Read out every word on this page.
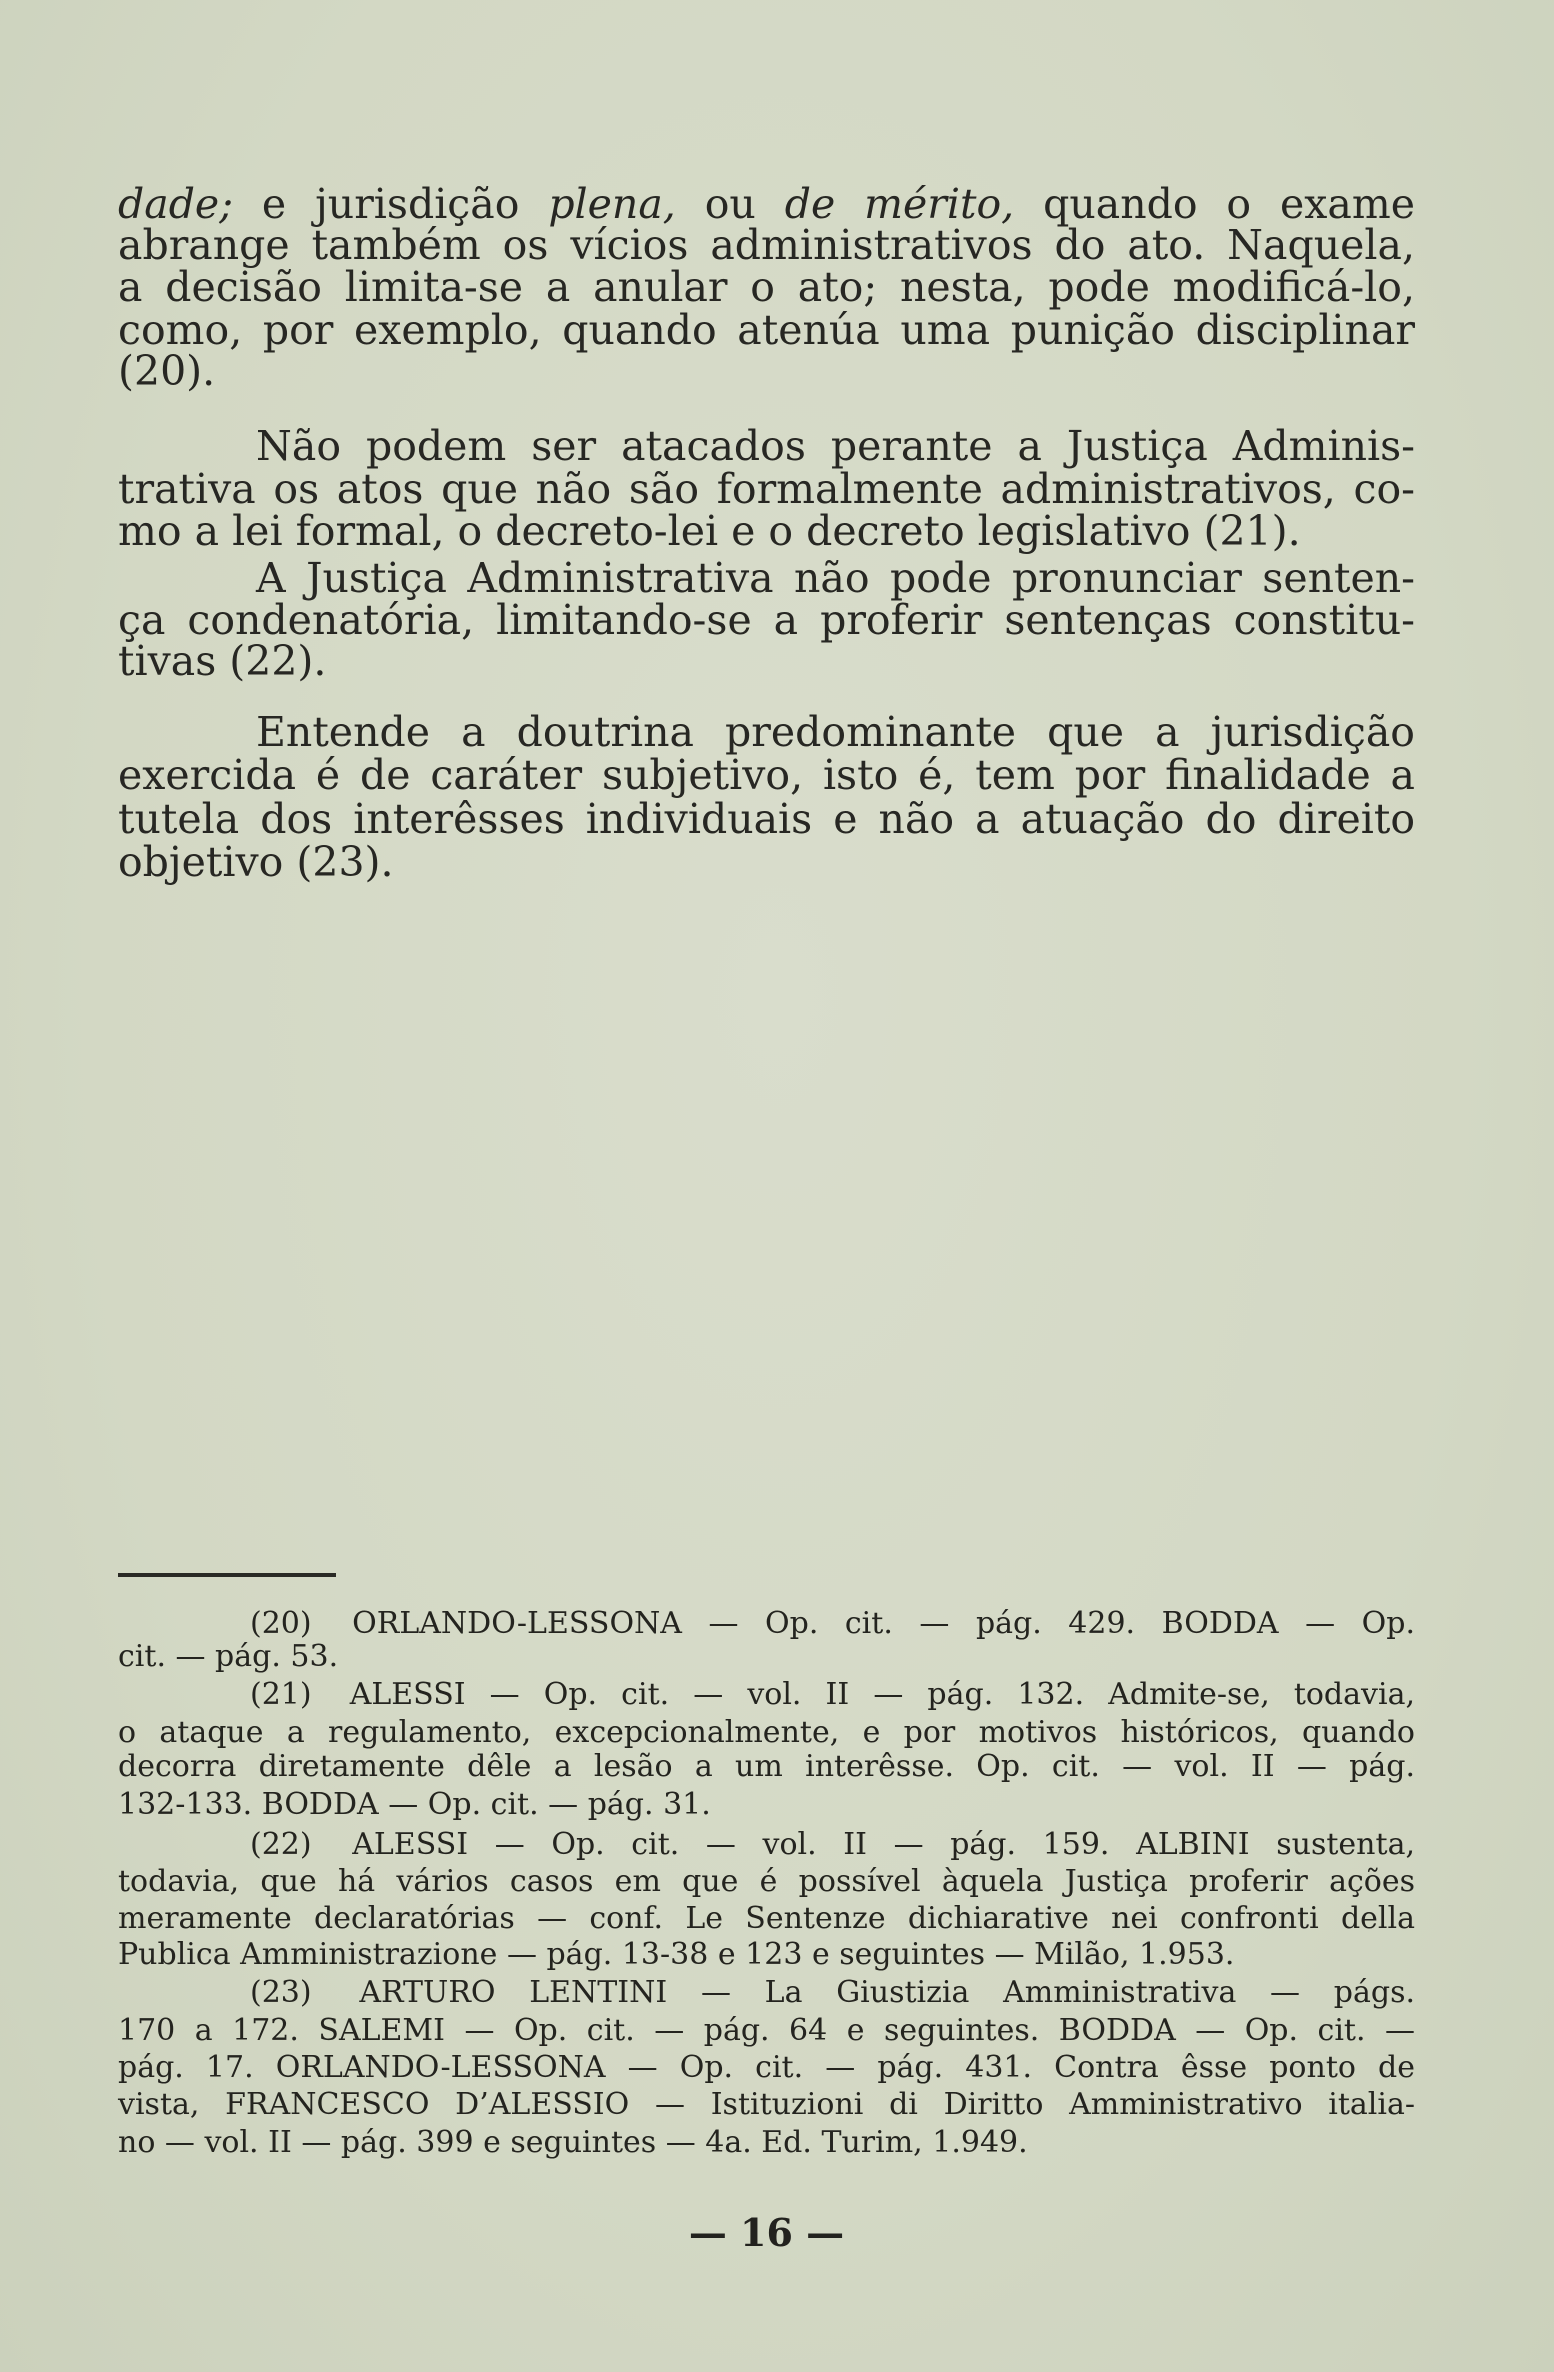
dade; e jurisdição plena, ou de mérito, quando o exame
abrange também os vícios administrativos do ato. Naquela,
a decisão limita-se a anular o ato; nesta, pode modificá-lo,
como, por exemplo, quando atenúa uma punição disciplinar
(20).
Não podem ser atacados perante a Justiça Adminis-
trativa os atos que não são formalmente administrativos, co-
mo a lei formal, o decreto-lei e o decreto legislativo (21).
A Justiça Administrativa não pode pronunciar senten-
ça condenatória, limitando-se a proferir sentenças constitu-
tivas (22).
Entende a doutrina predominante que a jurisdição
exercida é de caráter subjetivo, isto é, tem por finalidade a
tutela dos interêsses individuais e não a atuação do direito
objetivo (23).
(20) ORLANDO-LESSONA — Op. cit. — pág. 429. BODDA — Op.
cit. — pág. 53.
(21) ALESSI — Op. cit. — vol. II — pág. 132. Admite-se, todavia,
o ataque a regulamento, excepcionalmente, e por motivos históricos, quando
decorra diretamente dêle a lesão a um interêsse. Op. cit. — vol. II — pág.
132-133. BODDA — Op. cit. — pág. 31.
(22) ALESSI — Op. cit. — vol. II — pág. 159. ALBINI sustenta,
todavia, que há vários casos em que é possível àquela Justiça proferir ações
meramente declaratórias — conf. Le Sentenze dichiarative nei confronti della
Publica Amministrazione — pág. 13-38 e 123 e seguintes — Milão, 1.953.
(23) ARTURO LENTINI — La Giustizia Amministrativa — págs.
170 a 172. SALEMI — Op. cit. — pág. 64 e seguintes. BODDA — Op. cit. —
pág. 17. ORLANDO-LESSONA — Op. cit. — pág. 431. Contra êsse ponto de
vista, FRANCESCO D’ALESSIO — Istituzioni di Diritto Amministrativo italia-
no — vol. II — pág. 399 e seguintes — 4a. Ed. Turim, 1.949.
— 16 —
